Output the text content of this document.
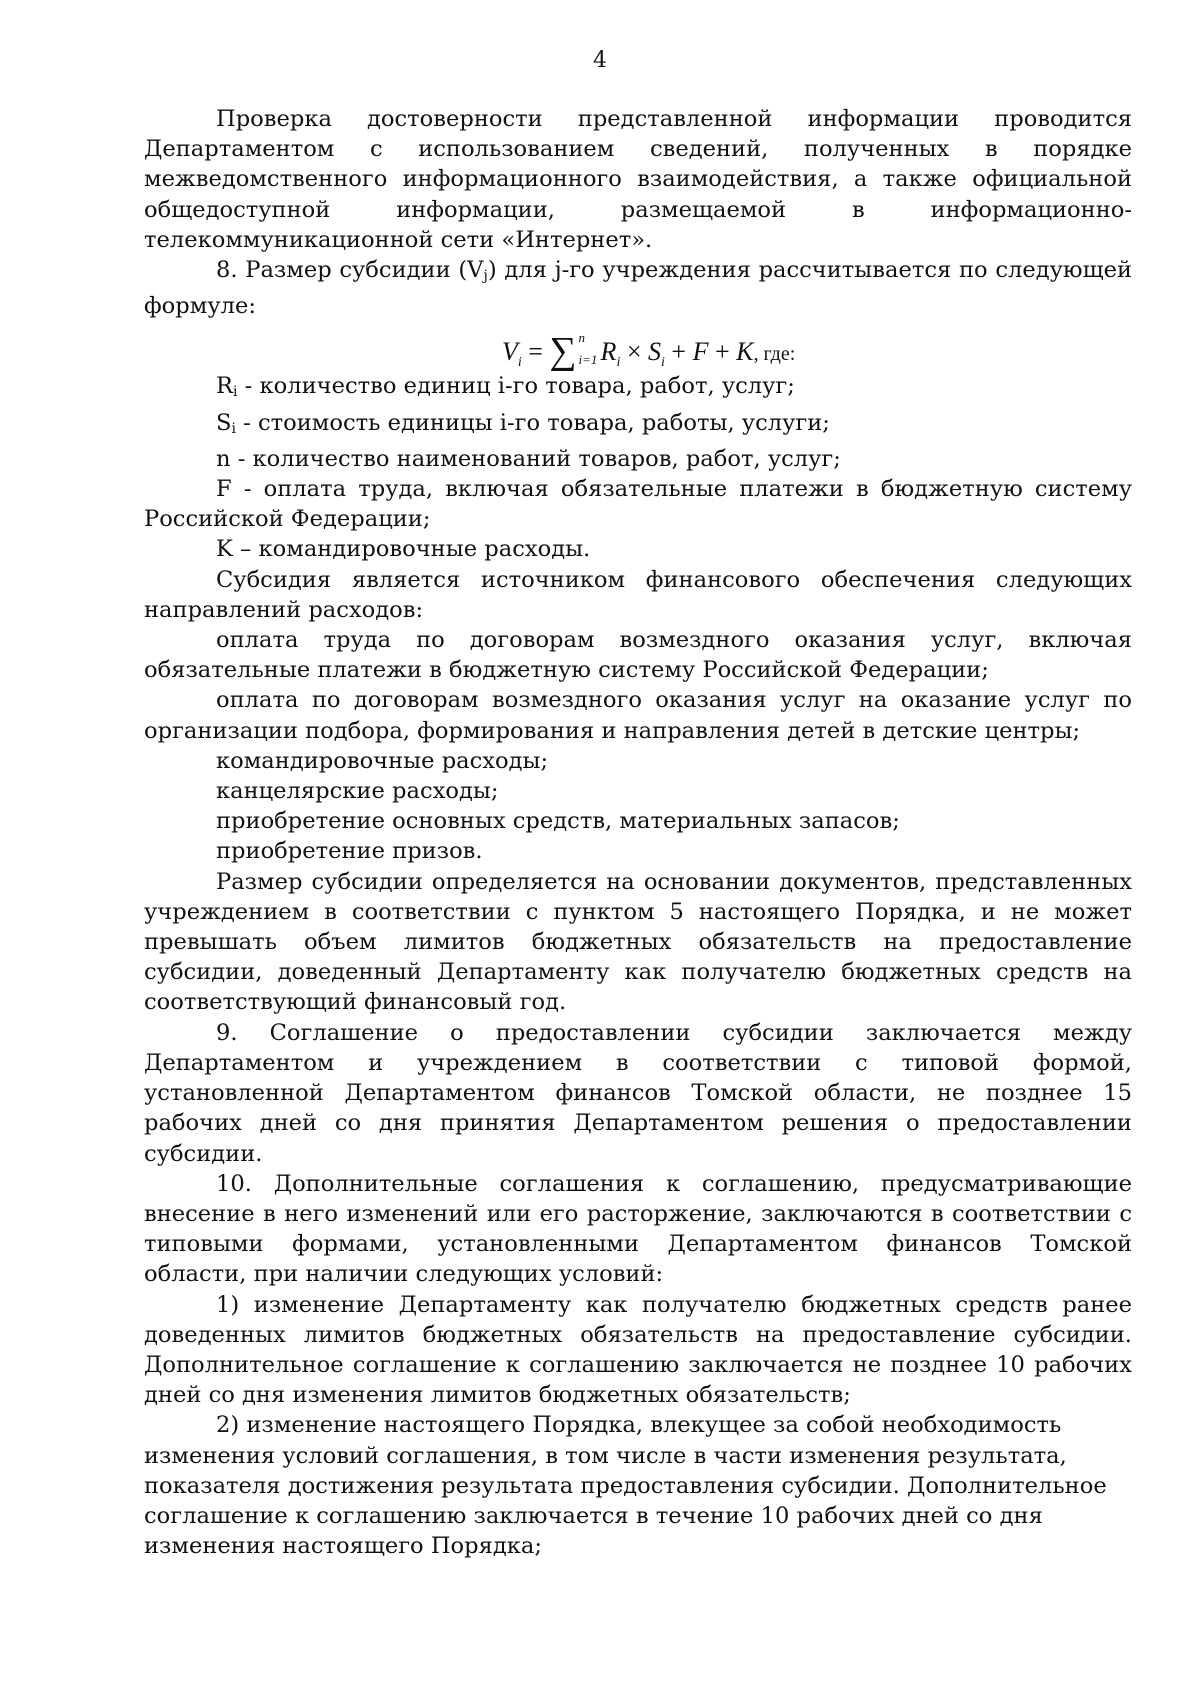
4

Проверка достоверности представленной информации проводится Департаментом с использованием сведений, полученных в порядке межведомственного информационного взаимодействия, а также официальной общедоступной информации, размещаемой в информационно-телекоммуникационной сети «Интернет».

8. Размер субсидии $(V_j)$ для j-го учреждения рассчитывается по следующей формуле:

$V_i$ = ∑ n
i=1 $R_i \times S_i + F + K$, где:

$R_i$ - количество единиц i-го товара, работ, услуг;

$S_i$ - стоимость единицы i-го товара, работы, услуги;

n - количество наименований товаров, работ, услуг;

F - оплата труда, включая обязательные платежи в бюджетную систему Российской Федерации;

K – командировочные расходы.

Субсидия является источником финансового обеспечения следующих направлений расходов:

оплата труда по договорам возмездного оказания услуг, включая обязательные платежи в бюджетную систему Российской Федерации;

оплата по договорам возмездного оказания услуг на оказание услуг по организации подбора, формирования и направления детей в детские центры;

командировочные расходы;

канцелярские расходы;

приобретение основных средств, материальных запасов;

приобретение призов.

Размер субсидии определяется на основании документов, представленных учреждением в соответствии с пунктом 5 настоящего Порядка, и не может превышать объем лимитов бюджетных обязательств на предоставление субсидии, доведенный Департаменту как получателю бюджетных средств на соответствующий финансовый год.

9. Соглашение о предоставлении субсидии заключается между Департаментом и учреждением в соответствии с типовой формой, установленной Департаментом финансов Томской области, не позднее 15 рабочих дней со дня принятия Департаментом решения о предоставлении субсидии.

10. Дополнительные соглашения к соглашению, предусматривающие внесение в него изменений или его расторжение, заключаются в соответствии с типовыми формами, установленными Департаментом финансов Томской области, при наличии следующих условий:

1) изменение Департаменту как получателю бюджетных средств ранее доведенных лимитов бюджетных обязательств на предоставление субсидии. Дополнительное соглашение к соглашению заключается не позднее 10 рабочих дней со дня изменения лимитов бюджетных обязательств;

2) изменение настоящего Порядка, влекущее за собой необходимость изменения условий соглашения, в том числе в части изменения результата, показателя достижения результата предоставления субсидии. Дополнительное соглашение к соглашению заключается в течение 10 рабочих дней со дня изменения настоящего Порядка;
